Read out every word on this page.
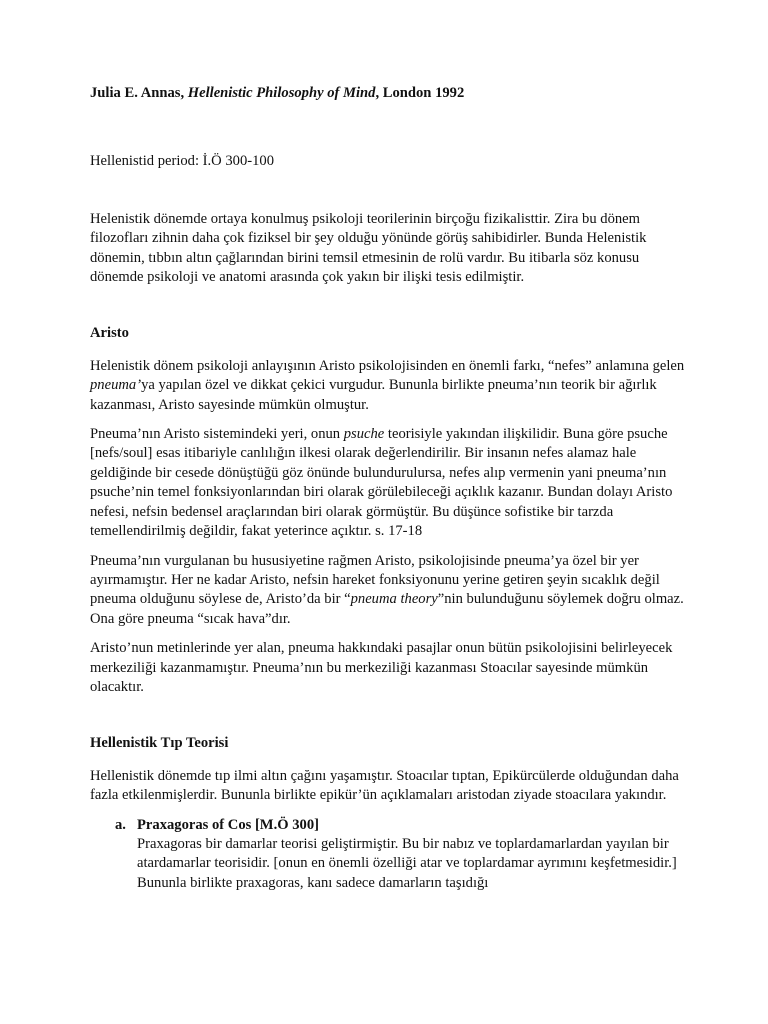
Julia E. Annas, Hellenistic Philosophy of Mind, London 1992

Hellenistid period: İ.Ö 300-100

Helenistik dönemde ortaya konulmuş psikoloji teorilerinin birçoğu fizikalisttir. Zira bu dönem filozofları zihnin daha çok fiziksel bir şey olduğu yönünde görüş sahibidirler. Bunda Helenistik dönemin, tıbbın altın çağlarından birini temsil etmesinin de rolü vardır. Bu itibarla söz konusu dönemde psikoloji ve anatomi arasında çok yakın bir ilişki tesis edilmiştir.

Aristo

Helenistik dönem psikoloji anlayışının Aristo psikolojisinden en önemli farkı, “nefes” anlamına gelen pneuma’ya yapılan özel ve dikkat çekici vurgudur. Bununla birlikte pneuma’nın teorik bir ağırlık kazanması, Aristo sayesinde mümkün olmuştur.

Pneuma’nın Aristo sistemindeki yeri, onun psuche teorisiyle yakından ilişkilidir. Buna göre psuche [nefs/soul] esas itibariyle canlılığın ilkesi olarak değerlendirilir. Bir insanın nefes alamaz hale geldiğinde bir cesede dönüştüğü göz önünde bulundurulursa, nefes alıp vermenin yani pneuma’nın psuche’nin temel fonksiyonlarından biri olarak görülebileceği açıklık kazanır. Bundan dolayı Aristo nefesi, nefsin bedensel araçlarından biri olarak görmüştür. Bu düşünce sofistike bir tarzda temellendirilmiş değildir, fakat yeterince açıktır. s. 17-18

Pneuma’nın vurgulanan bu hususiyetine rağmen Aristo, psikolojisinde pneuma’ya özel bir yer ayırmamıştır. Her ne kadar Aristo, nefsin hareket fonksiyonunu yerine getiren şeyin sıcaklık değil pneuma olduğunu söylese de, Aristo’da bir “pneuma theory”nin bulunduğunu söylemek doğru olmaz. Ona göre pneuma “sıcak hava”dır.

Aristo’nun metinlerinde yer alan, pneuma hakkındaki pasajlar onun bütün psikolojisini belirleyecek merkeziliği kazanmamıştır. Pneuma’nın bu merkeziliği kazanması Stoacılar sayesinde mümkün olacaktır.

Hellenistik Tıp Teorisi

Hellenistik dönemde tıp ilmi altın çağını yaşamıştır. Stoacılar tıptan, Epikürcülerde olduğundan daha fazla etkilenmişlerdir. Bununla birlikte epikür’ün açıklamaları aristodan ziyade stoacılara yakındır.

a. Praxagoras of Cos [M.Ö 300]

Praxagoras bir damarlar teorisi geliştirmiştir. Bu bir nabız ve toplardamarlardan yayılan bir atardamarlar teorisidir. [onun en önemli özelliği atar ve toplardamar ayrımını keşfetmesidir.] Bununla birlikte praxagoras, kanı sadece damarların taşıdığı
